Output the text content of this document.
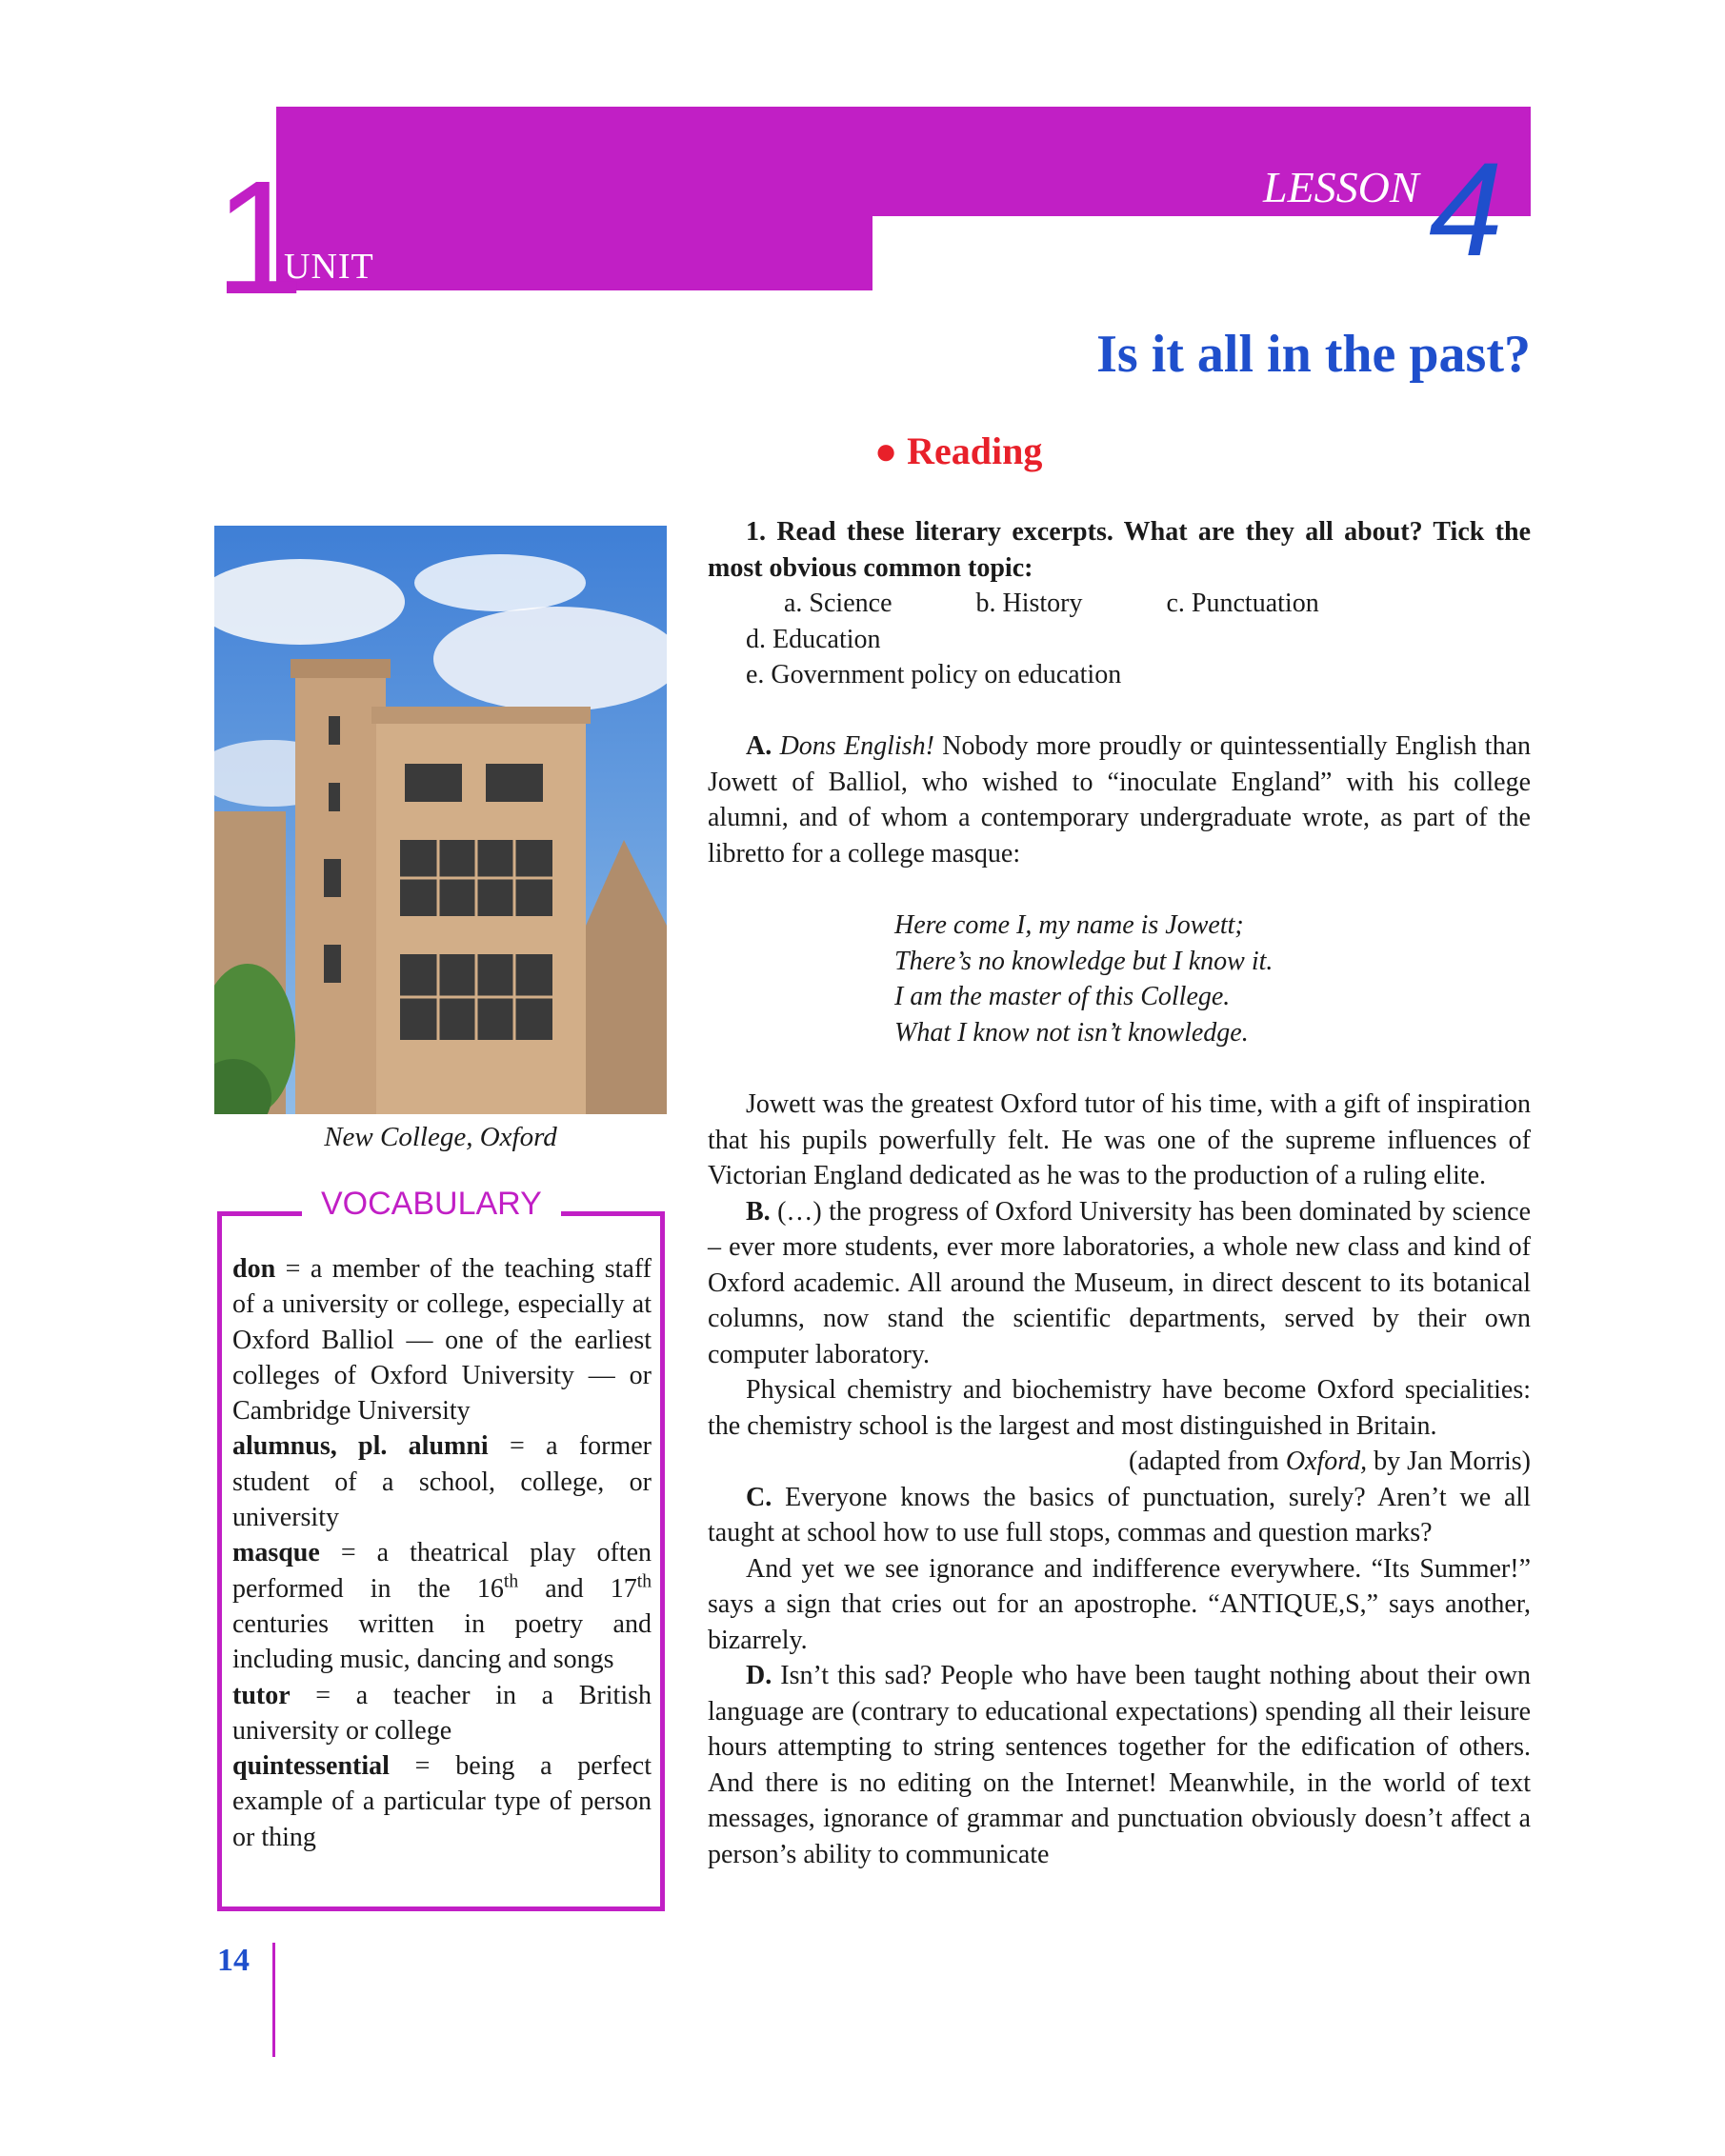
1
UNIT
LESSON 4
Is it all in the past?
● Reading
New College, Oxford
VOCABULARY

don = a member of the teaching staff of a university or college, especially at Oxford Balliol — one of the earliest colleges of Oxford University — or Cambridge University

alumnus, pl. alumni = a former student of a school, college, or university

masque = a theatrical play often performed in the 16th and 17th centuries written in poetry and including music, dancing and songs

tutor = a teacher in a British university or college

quintessential = being a perfect example of a particular type of person or thing

1. Read these literary excerpts. What are they all about? Tick the most obvious common topic:

a. Science	b. History	c. Punctuationd. Education

e. Government policy on education

A. Dons English! Nobody more proudly or quintessentially English than Jowett of Balliol, who wished to “inoculate England” with his college alumni, and of whom a contemporary undergraduate wrote, as part of the libretto for a college masque:

Here come I, my name is Jowett;
There’s no knowledge but I know it.
I am the master of this College.
What I know not isn’t knowledge.

Jowett was the greatest Oxford tutor of his time, with a gift of inspiration that his pupils powerfully felt. He was one of the supreme influences of Victorian England dedicated as he was to the production of a ruling elite.

B. (…) the progress of Oxford University has been dominated by science – ever more students, ever more laboratories, a whole new class and kind of Oxford academic. All around the Museum, in direct descent to its botanical columns, now stand the scientific departments, served by their own computer laboratory.

Physical chemistry and biochemistry have become Oxford specialities: the chemistry school is the largest and most distinguished in Britain.

(adapted from Oxford, by Jan Morris)

C. Everyone knows the basics of punctuation, surely? Aren’t we all taught at school how to use full stops, commas and question marks?

And yet we see ignorance and indifference everywhere. “Its Summer!” says a sign that cries out for an apostrophe. “ANTIQUE,S,” says another, bizarrely.

D. Isn’t this sad? People who have been taught nothing about their own language are (contrary to educational expectations) spending all their leisure hours attempting to string sentences together for the edification of others. And there is no editing on the Internet! Meanwhile, in the world of text messages, ignorance of grammar and punctuation obviously doesn’t affect a person’s ability to communicate

14
